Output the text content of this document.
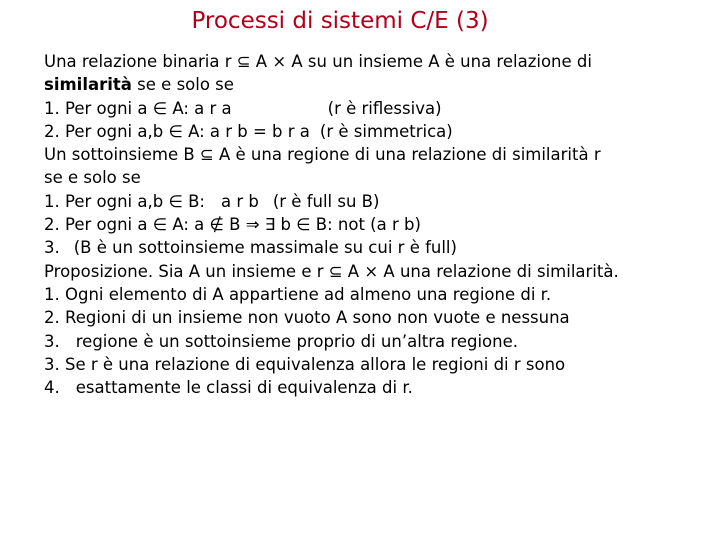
Processi di sistemi C/E (3)
Una relazione binaria r ⊆ A × A su un insieme A è una relazione di
similarità se e solo se
1. Per ogni a ∈ A: a r a	(r è riflessiva)
2. Per ogni a,b ∈ A: a r b = b r a (r è simmetrica)
Un sottoinsieme B ⊆ A è una regione di una relazione di similarità r
se e solo se
1. Per ogni a,b ∈ B: a r b (r è full su B)
2. Per ogni a ∈ A: a ∉ B ⇒ ∃ b ∈ B: not (a r b)
3. (B è un sottoinsieme massimale su cui r è full)
Proposizione. Sia A un insieme e r ⊆ A × A una relazione di similarità.
1. Ogni elemento di A appartiene ad almeno una regione di r.
2. Regioni di un insieme non vuoto A sono non vuote e nessuna
3. regione è un sottoinsieme proprio di un’altra regione.
3. Se r è una relazione di equivalenza allora le regioni di r sono
4. esattamente le classi di equivalenza di r.
